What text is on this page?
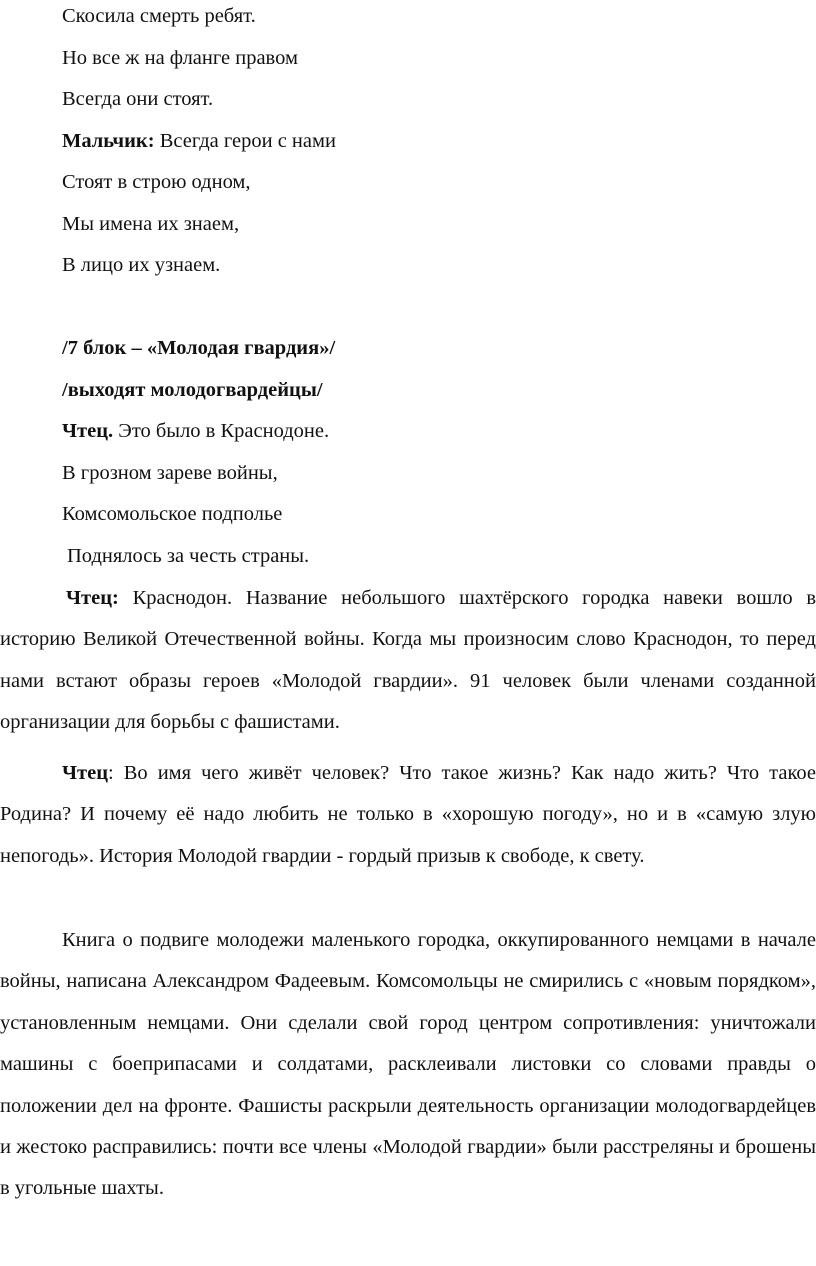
Скосила смерть ребят.
Но все ж на фланге правом
Всегда они стоят.
Мальчик: Всегда герои с нами
Стоят в строю одном,
Мы имена их знаем,
В лицо их узнаем.
/7 блок – «Молодая гвардия»/
/выходят молодогвардейцы/
Чтец. Это было в Краснодоне.
В грозном зареве войны,
Комсомольское подполье
Поднялось за честь страны.

Чтец: Краснодон. Название небольшого шахтёрского городка навеки вошло в историю Великой Отечественной войны. Когда мы произносим слово Краснодон, то перед нами встают образы героев «Молодой гвардии». 91 человек были членами созданной организации для борьбы с фашистами.

Чтец: Во имя чего живёт человек? Что такое жизнь? Как надо жить? Что такое Родина? И почему её надо любить не только в «хорошую погоду», но и в «самую злую непогодь». История Молодой гвардии - гордый призыв к свободе, к свету.

Книга о подвиге молодежи маленького городка, оккупированного немцами в начале войны, написана Александром Фадеевым. Комсомольцы не смирились с «новым порядком», установленным немцами. Они сделали свой город центром сопротивления: уничтожали машины с боеприпасами и солдатами, расклеивали листовки со словами правды о положении дел на фронте. Фашисты раскрыли деятельность организации молодогвардейцев и жестоко расправились: почти все члены «Молодой гвардии» были расстреляны и брошены в угольные шахты.
